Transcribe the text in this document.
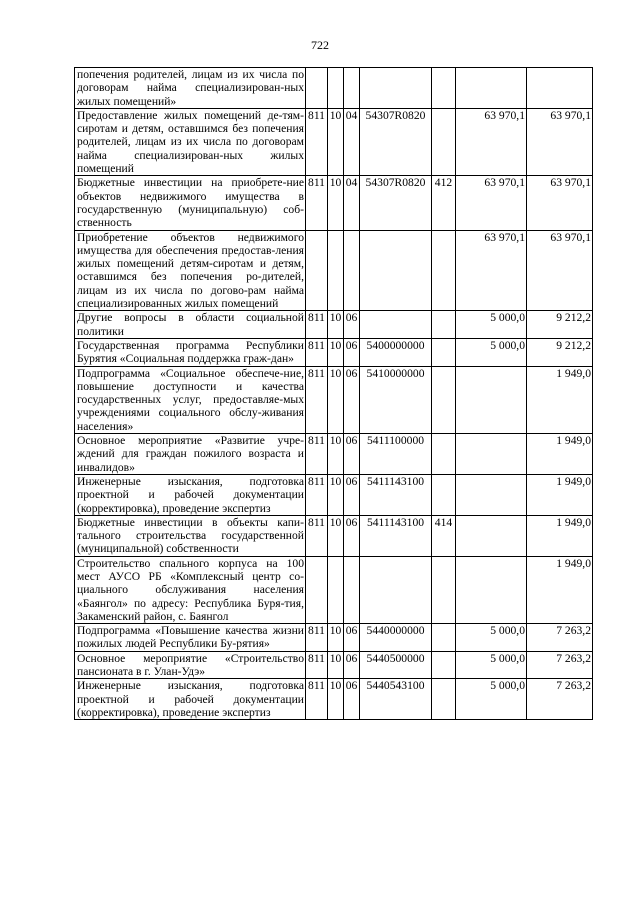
722
попечения родителей, лицам из их числа по договорам найма специализирован-ных жилых помещений»							
Предоставление жилых помещений де-тям-сиротам и детям, оставшимся без попечения родителей, лицам из их числа по договорам найма специализирован-ных жилых помещений	811	10	04	54307R0820		63 970,1	63 970,1
Бюджетные инвестиции на приобрете-ние объектов недвижимого имущества в государственную (муниципальную) соб-ственность	811	10	04	54307R0820	412	63 970,1	63 970,1
Приобретение объектов недвижимого имущества для обеспечения предостав-ления жилых помещений детям-сиротам и детям, оставшимся без попечения ро-дителей, лицам из их числа по догово-рам найма специализированных жилых помещений						63 970,1	63 970,1
Другие вопросы в области социальной политики	811	10	06			5 000,0	9 212,2
Государственная программа Республики Бурятия «Социальная поддержка граж-дан»	811	10	06	5400000000		5 000,0	9 212,2
Подпрограмма «Социальное обеспече-ние, повышение доступности и качества государственных услуг, предоставляе-мых учреждениями социального обслу-живания населения»	811	10	06	5410000000			1 949,0
Основное мероприятие «Развитие учре-ждений для граждан пожилого возраста и инвалидов»	811	10	06	5411100000			1 949,0
Инженерные изыскания, подготовка проектной и рабочей документации (корректировка), проведение экспертиз	811	10	06	5411143100			1 949,0
Бюджетные инвестиции в объекты капи-тального строительства государственной (муниципальной) собственности	811	10	06	5411143100	414		1 949,0
Строительство спального корпуса на 100 мест АУСО РБ «Комплексный центр со-циального обслуживания населения «Баянгол» по адресу: Республика Буря-тия, Закаменский район, с. Баянгол							1 949,0
Подпрограмма «Повышение качества жизни пожилых людей Республики Бу-рятия»	811	10	06	5440000000		5 000,0	7 263,2
Основное мероприятие «Строительство пансионата в г. Улан-Удэ»	811	10	06	5440500000		5 000,0	7 263,2
Инженерные изыскания, подготовка проектной и рабочей документации (корректировка), проведение экспертиз	811	10	06	5440543100		5 000,0	7 263,2
